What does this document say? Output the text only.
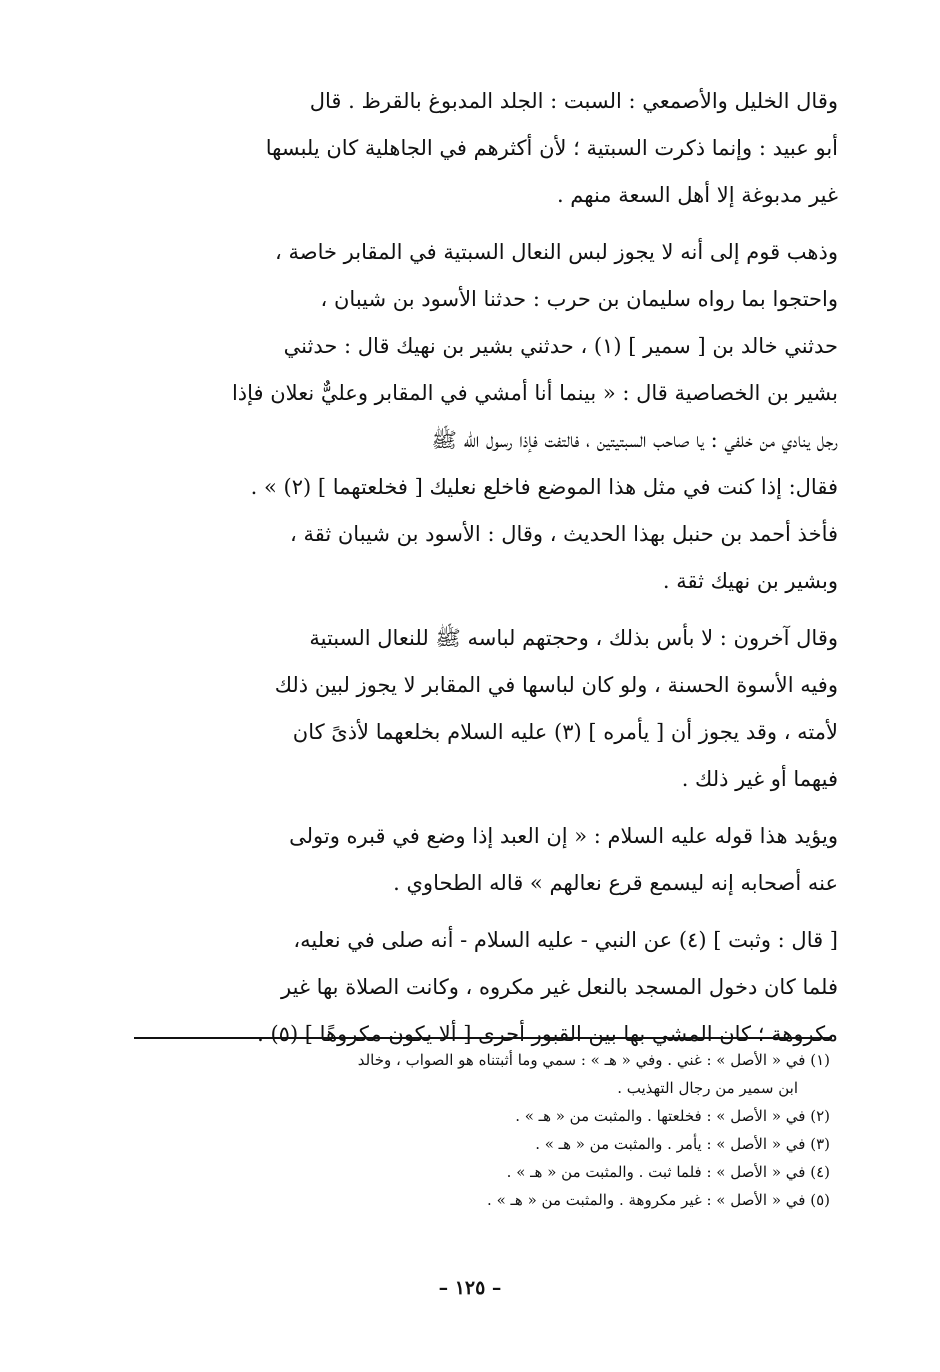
وقال الخليل والأصمعي : السبت : الجلد المدبوغ بالقرظ . قال
أبو عبيد : وإنما ذكرت السبتية ؛ لأن أكثرهم في الجاهلية كان يلبسها
غير مدبوغة إلا أهل السعة منهم .

وذهب قوم إلى أنه لا يجوز لبس النعال السبتية في المقابر خاصة ،
واحتجوا بما رواه سليمان بن حرب : حدثنا الأسود بن شيبان ،
حدثني خالد بن [ سمير ] (١) ، حدثني بشير بن نهيك قال : حدثني
بشير بن الخصاصية قال : « بينما أنا أمشي في المقابر وعليٌّ نعلان فإذا
رجل ينادي من خلفي : يا صاحب السبتيتين ، فالتفت فإذا رسول الله ﷺ
فقال: إذا كنت في مثل هذا الموضع فاخلع نعليك [ فخلعتهما ] (٢) » .
فأخذ أحمد بن حنبل بهذا الحديث ، وقال : الأسود بن شيبان ثقة ،
وبشير بن نهيك ثقة .

وقال آخرون : لا بأس بذلك ، وحجتهم لباسه ﷺ للنعال السبتية
وفيه الأسوة الحسنة ، ولو كان لباسها في المقابر لا يجوز لبين ذلك
لأمته ، وقد يجوز أن [ يأمره ] (٣) عليه السلام بخلعهما لأذىً كان
فيهما أو غير ذلك .

ويؤيد هذا قوله عليه السلام : « إن العبد إذا وضع في قبره وتولى
عنه أصحابه إنه ليسمع قرع نعالهم » قاله الطحاوي .

[ قال : وثبت ] (٤) عن النبي - عليه السلام - أنه صلى في نعليه،
فلما كان دخول المسجد بالنعل غير مكروه ، وكانت الصلاة بها غير
مكروهة ؛ كان المشي بها بين القبور أحرى [ ألا يكون مكروهًا ] (٥) .

(١) في « الأصل » : غني . وفي « هـ » : سمي وما أثبتناه هو الصواب ، وخالد
ابن سمير من رجال التهذيب .

(٢) في « الأصل » : فخلعتها . والمثبت من « هـ » .

(٣) في « الأصل » : يأمر . والمثبت من « هـ » .

(٤) في « الأصل » : فلما ثبت . والمثبت من « هـ » .

(٥) في « الأصل » : غير مكروهة . والمثبت من « هـ » .

– ١٢٥ –
